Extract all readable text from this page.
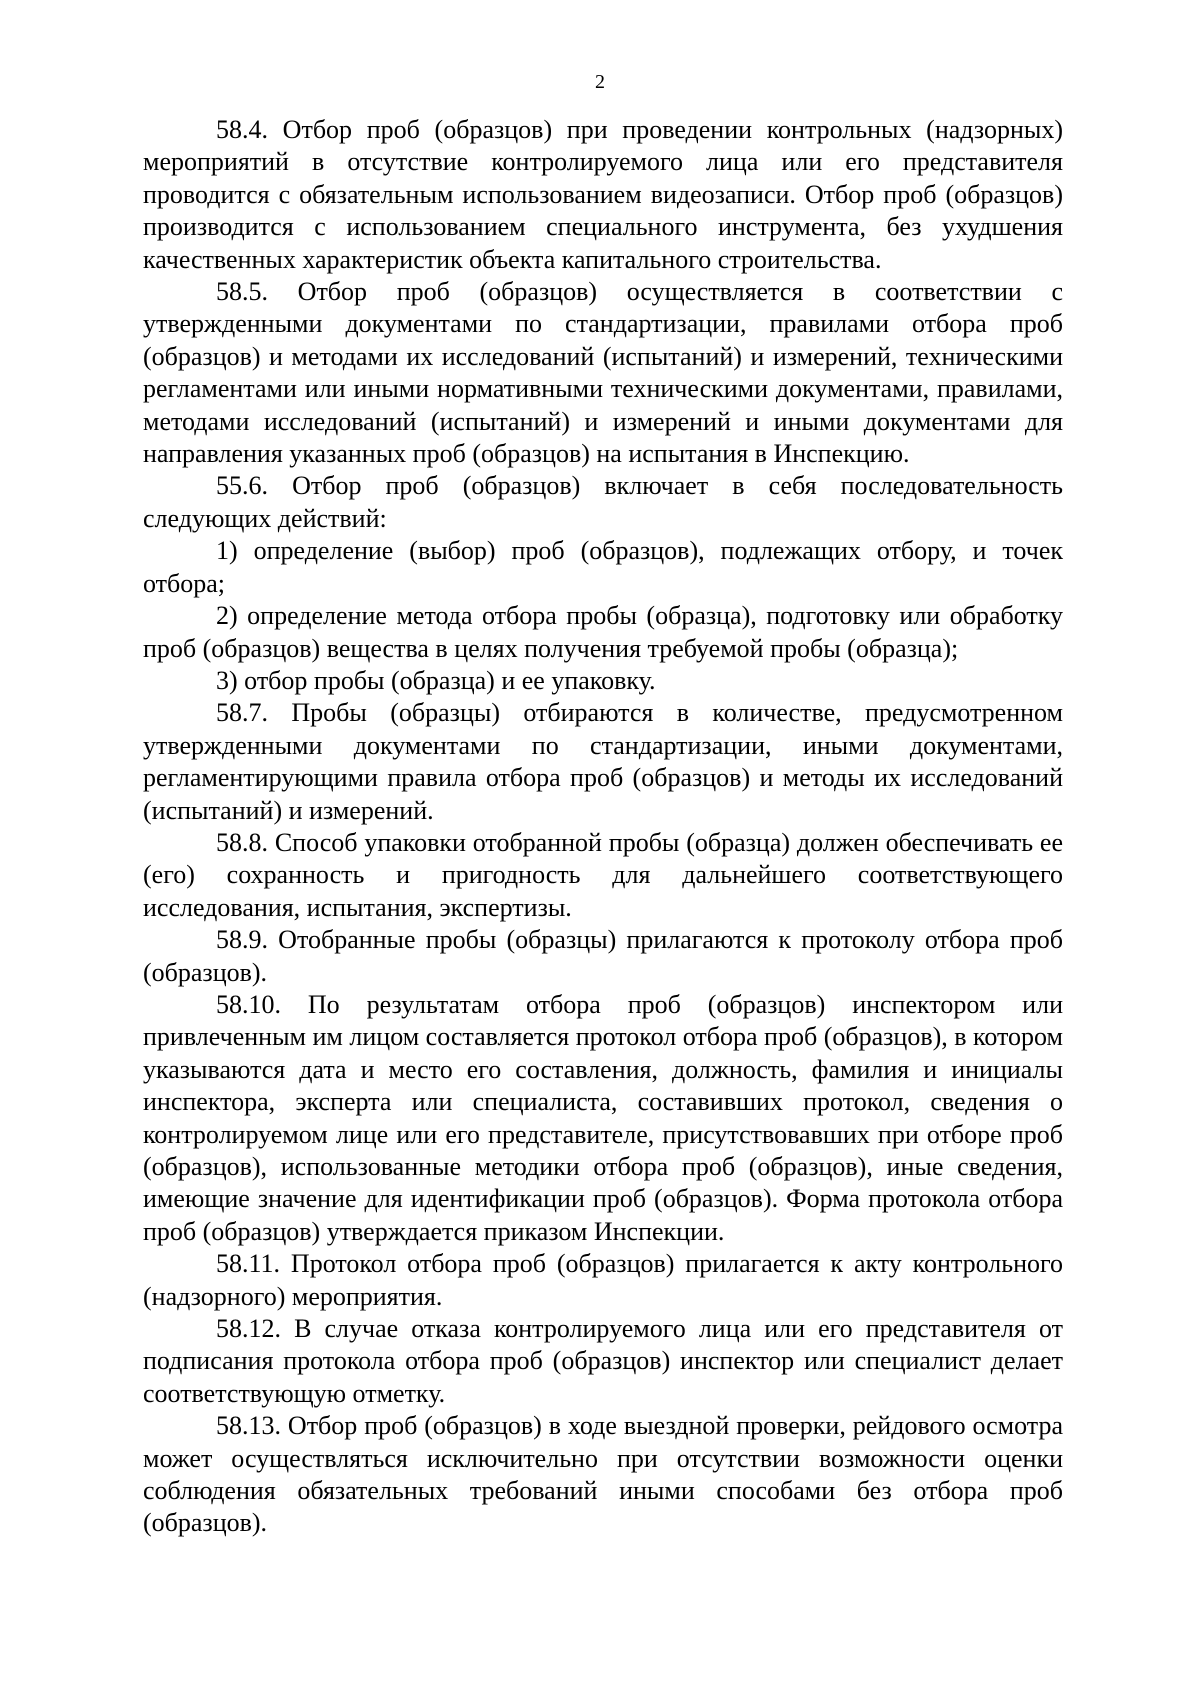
2

58.4. Отбор проб (образцов) при проведении контрольных (надзорных) мероприятий в отсутствие контролируемого лица или его представителя проводится с обязательным использованием видеозаписи. Отбор проб (образцов) производится с использованием специального инструмента, без ухудшения качественных характеристик объекта капитального строительства.

58.5. Отбор проб (образцов) осуществляется в соответствии с утвержденными документами по стандартизации, правилами отбора проб (образцов) и методами их исследований (испытаний) и измерений, техническими регламентами или иными нормативными техническими документами, правилами, методами исследований (испытаний) и измерений и иными документами для направления указанных проб (образцов) на испытания в Инспекцию.

55.6. Отбор проб (образцов) включает в себя последовательность следующих действий:

1) определение (выбор) проб (образцов), подлежащих отбору, и точек отбора;

2) определение метода отбора пробы (образца), подготовку или обработку проб (образцов) вещества в целях получения требуемой пробы (образца);

3) отбор пробы (образца) и ее упаковку.

58.7. Пробы (образцы) отбираются в количестве, предусмотренном утвержденными документами по стандартизации, иными документами, регламентирующими правила отбора проб (образцов) и методы их исследований (испытаний) и измерений.

58.8. Способ упаковки отобранной пробы (образца) должен обеспечивать ее (его) сохранность и пригодность для дальнейшего соответствующего исследования, испытания, экспертизы.

58.9. Отобранные пробы (образцы) прилагаются к протоколу отбора проб (образцов).

58.10. По результатам отбора проб (образцов) инспектором или привлеченным им лицом составляется протокол отбора проб (образцов), в котором указываются дата и место его составления, должность, фамилия и инициалы инспектора, эксперта или специалиста, составивших протокол, сведения о контролируемом лице или его представителе, присутствовавших при отборе проб (образцов), использованные методики отбора проб (образцов), иные сведения, имеющие значение для идентификации проб (образцов). Форма протокола отбора проб (образцов) утверждается приказом Инспекции.

58.11. Протокол отбора проб (образцов) прилагается к акту контрольного (надзорного) мероприятия.

58.12. В случае отказа контролируемого лица или его представителя от подписания протокола отбора проб (образцов) инспектор или специалист делает соответствующую отметку.

58.13. Отбор проб (образцов) в ходе выездной проверки, рейдового осмотра может осуществляться исключительно при отсутствии возможности оценки соблюдения обязательных требований иными способами без отбора проб (образцов).
